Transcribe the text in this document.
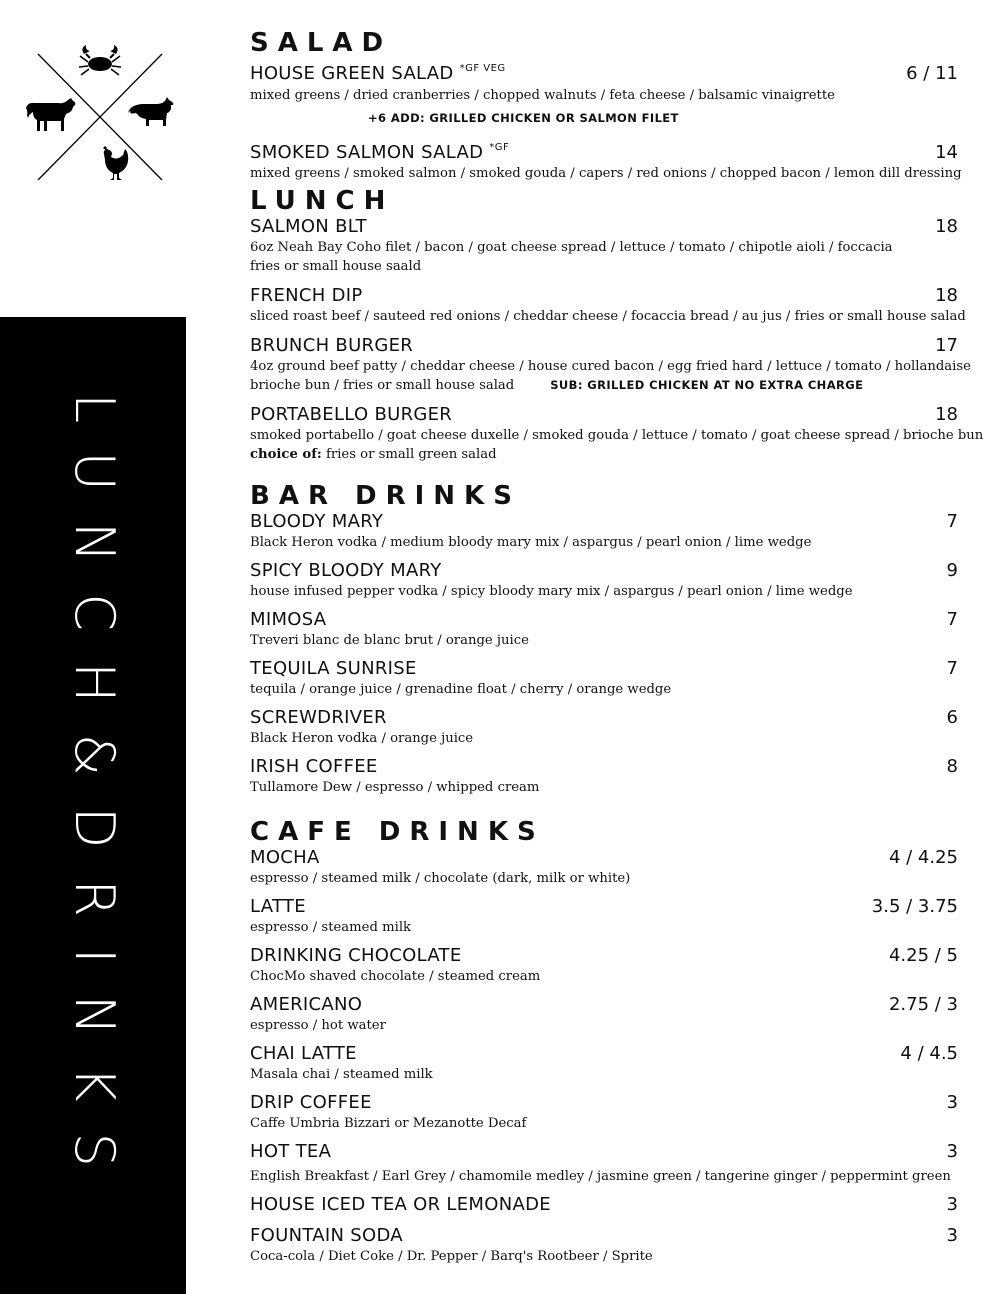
LUNCH&DRINKS
SALAD
HOUSE GREEN SALAD $^{*GF VEG}$	6 / 11
mixed greens / dried cranberries / chopped walnuts / feta cheese / balsamic vinaigrette
+6 ADD: GRILLED CHICKEN OR SALMON FILET
SMOKED SALMON SALAD $^{*GF}$	14
mixed greens / smoked salmon / smoked gouda / capers / red onions / chopped bacon / lemon dill dressing
LUNCH
SALMON BLT	18
6oz Neah Bay Coho filet / bacon / goat cheese spread / lettuce / tomato / chipotle aioli / foccacia
fries or small house saald
FRENCH DIP	18
sliced roast beef / sauteed red onions / cheddar cheese / focaccia bread / au jus / fries or small house salad
BRUNCH BURGER	17
4oz ground beef patty / cheddar cheese / house cured bacon / egg fried hard / lettuce / tomato / hollandaise
brioche bun / fries or small house salad	SUB: GRILLED CHICKEN AT NO EXTRA CHARGE
PORTABELLO BURGER	18
smoked portabello / goat cheese duxelle / smoked gouda / lettuce / tomato / goat cheese spread / brioche bun
choice of: fries or small green salad
BAR DRINKS
BLOODY MARY	7
Black Heron vodka / medium bloody mary mix / aspargus / pearl onion / lime wedge
SPICY BLOODY MARY	9
house infused pepper vodka / spicy bloody mary mix / aspargus / pearl onion / lime wedge
MIMOSA	7
Treveri blanc de blanc brut / orange juice
TEQUILA SUNRISE	7
tequila / orange juice / grenadine float / cherry / orange wedge
SCREWDRIVER	6
Black Heron vodka / orange juice
IRISH COFFEE	8
Tullamore Dew / espresso / whipped cream
CAFE DRINKS
MOCHA	4 / 4.25
espresso / steamed milk / chocolate (dark, milk or white)
LATTE	3.5 / 3.75
espresso / steamed milk
DRINKING CHOCOLATE	4.25 / 5
ChocMo shaved chocolate / steamed cream
AMERICANO	2.75 / 3
espresso / hot water
CHAI LATTE	4 / 4.5
Masala chai / steamed milk
DRIP COFFEE	3
Caffe Umbria Bizzari or Mezanotte Decaf
HOT TEA	3
English Breakfast / Earl Grey / chamomile medley / jasmine green / tangerine ginger / peppermint green
HOUSE ICED TEA OR LEMONADE	3
FOUNTAIN SODA	3
Coca-cola / Diet Coke / Dr. Pepper / Barq's Rootbeer / Sprite
